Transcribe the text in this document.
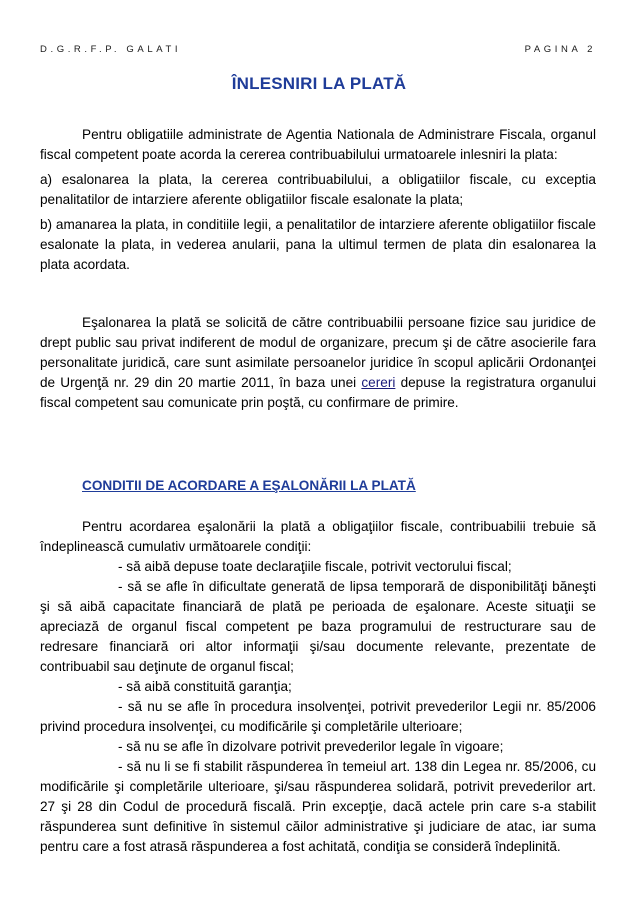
D.G.R.F.P. GALATI	PAGINA 2
ÎNLESNIRI LA PLATĂ

Pentru obligatiile administrate de Agentia Nationala de Administrare Fiscala, organul fiscal competent poate acorda la cererea contribuabilului urmatoarele inlesniri la plata:

a) esalonarea la plata, la cererea contribuabilului, a obligatiilor fiscale, cu exceptia penalitatilor de intarziere aferente obligatiilor fiscale esalonate la plata;

b) amanarea la plata, in conditiile legii, a penalitatilor de intarziere aferente obligatiilor fiscale esalonate la plata, in vederea anularii, pana la ultimul termen de plata din esalonarea la plata acordata.

Eşalonarea la plată se solicită de către contribuabilii persoane fizice sau juridice de drept public sau privat indiferent de modul de organizare, precum şi de către asocierile fara personalitate juridică, care sunt asimilate persoanelor juridice în scopul aplicării Ordonanţei de Urgenţă nr. 29 din 20 martie 2011, în baza unei cereri depuse la registratura organului fiscal competent sau comunicate prin poştă, cu confirmare de primire.

CONDITII DE ACORDARE A EŞALONĂRII LA PLATĂ

Pentru acordarea eşalonării la plată a obligaţiilor fiscale, contribuabilii trebuie să îndeplinească cumulativ următoarele condiţii:

- să aibă depuse toate declaraţiile fiscale, potrivit vectorului fiscal;

- să se afle în dificultate generată de lipsa temporară de disponibilităţi băneşti şi să aibă capacitate financiară de plată pe perioada de eşalonare. Aceste situaţii se apreciază de organul fiscal competent pe baza programului de restructurare sau de redresare financiară ori altor informaţii şi/sau documente relevante, prezentate de contribuabil sau deţinute de organul fiscal;

- să aibă constituită garanţia;

- să nu se afle în procedura insolvenţei, potrivit prevederilor Legii nr. 85/2006 privind procedura insolvenţei, cu modificările şi completările ulterioare;

- să nu se afle în dizolvare potrivit prevederilor legale în vigoare;

- să nu li se fi stabilit răspunderea în temeiul art. 138 din Legea nr. 85/2006, cu modificările şi completările ulterioare, şi/sau răspunderea solidară, potrivit prevederilor art. 27 şi 28 din Codul de procedură fiscală. Prin excepţie, dacă actele prin care s-a stabilit răspunderea sunt definitive în sistemul căilor administrative şi judiciare de atac, iar suma pentru care a fost atrasă răspunderea a fost achitată, condiţia se consideră îndeplinită.
